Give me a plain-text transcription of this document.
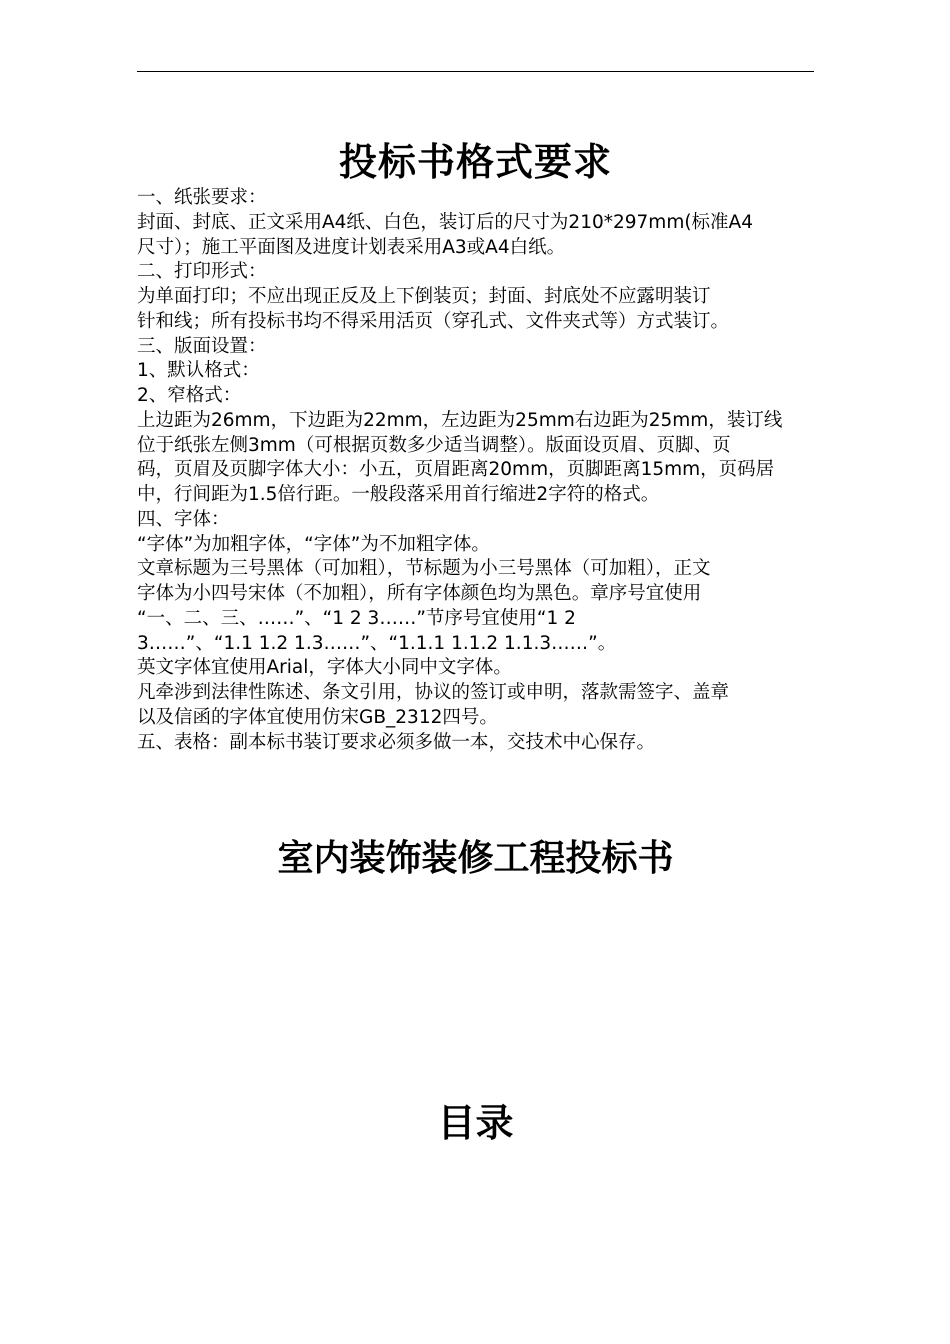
投标书格式要求

一、纸张要求：

封面、封底、正文采用A4纸、白色，装订后的尺寸为210*297mm(标准A4

尺寸）；施工平面图及进度计划表采用A3或A4白纸。

二、打印形式：

为单面打印；不应出现正反及上下倒装页；封面、封底处不应露明装订

针和线；所有投标书均不得采用活页（穿孔式、文件夹式等）方式装订。

三、版面设置：

1、默认格式：

2、窄格式：

上边距为26mm，下边距为22mm，左边距为25mm右边距为25mm，装订线

位于纸张左侧3mm（可根据页数多少适当调整）。版面设页眉、页脚、页

码，页眉及页脚字体大小：小五，页眉距离20mm，页脚距离15mm，页码居

中，行间距为1.5倍行距。一般段落采用首行缩进2字符的格式。

四、字体：

“字体”为加粗字体，“字体”为不加粗字体。

文章标题为三号黑体（可加粗），节标题为小三号黑体（可加粗），正文

字体为小四号宋体（不加粗），所有字体颜色均为黑色。章序号宜使用

“一、二、三、……”、“1 2 3……”节序号宜使用“1 2

3……”、“1.1 1.2 1.3……”、“1.1.1 1.1.2 1.1.3……”。

英文字体宜使用Arial，字体大小同中文字体。

凡牵涉到法律性陈述、条文引用，协议的签订或申明，落款需签字、盖章

以及信函的字体宜使用仿宋GB_2312四号。

五、表格：副本标书装订要求必须多做一本，交技术中心保存。

室内装饰装修工程投标书
目录
